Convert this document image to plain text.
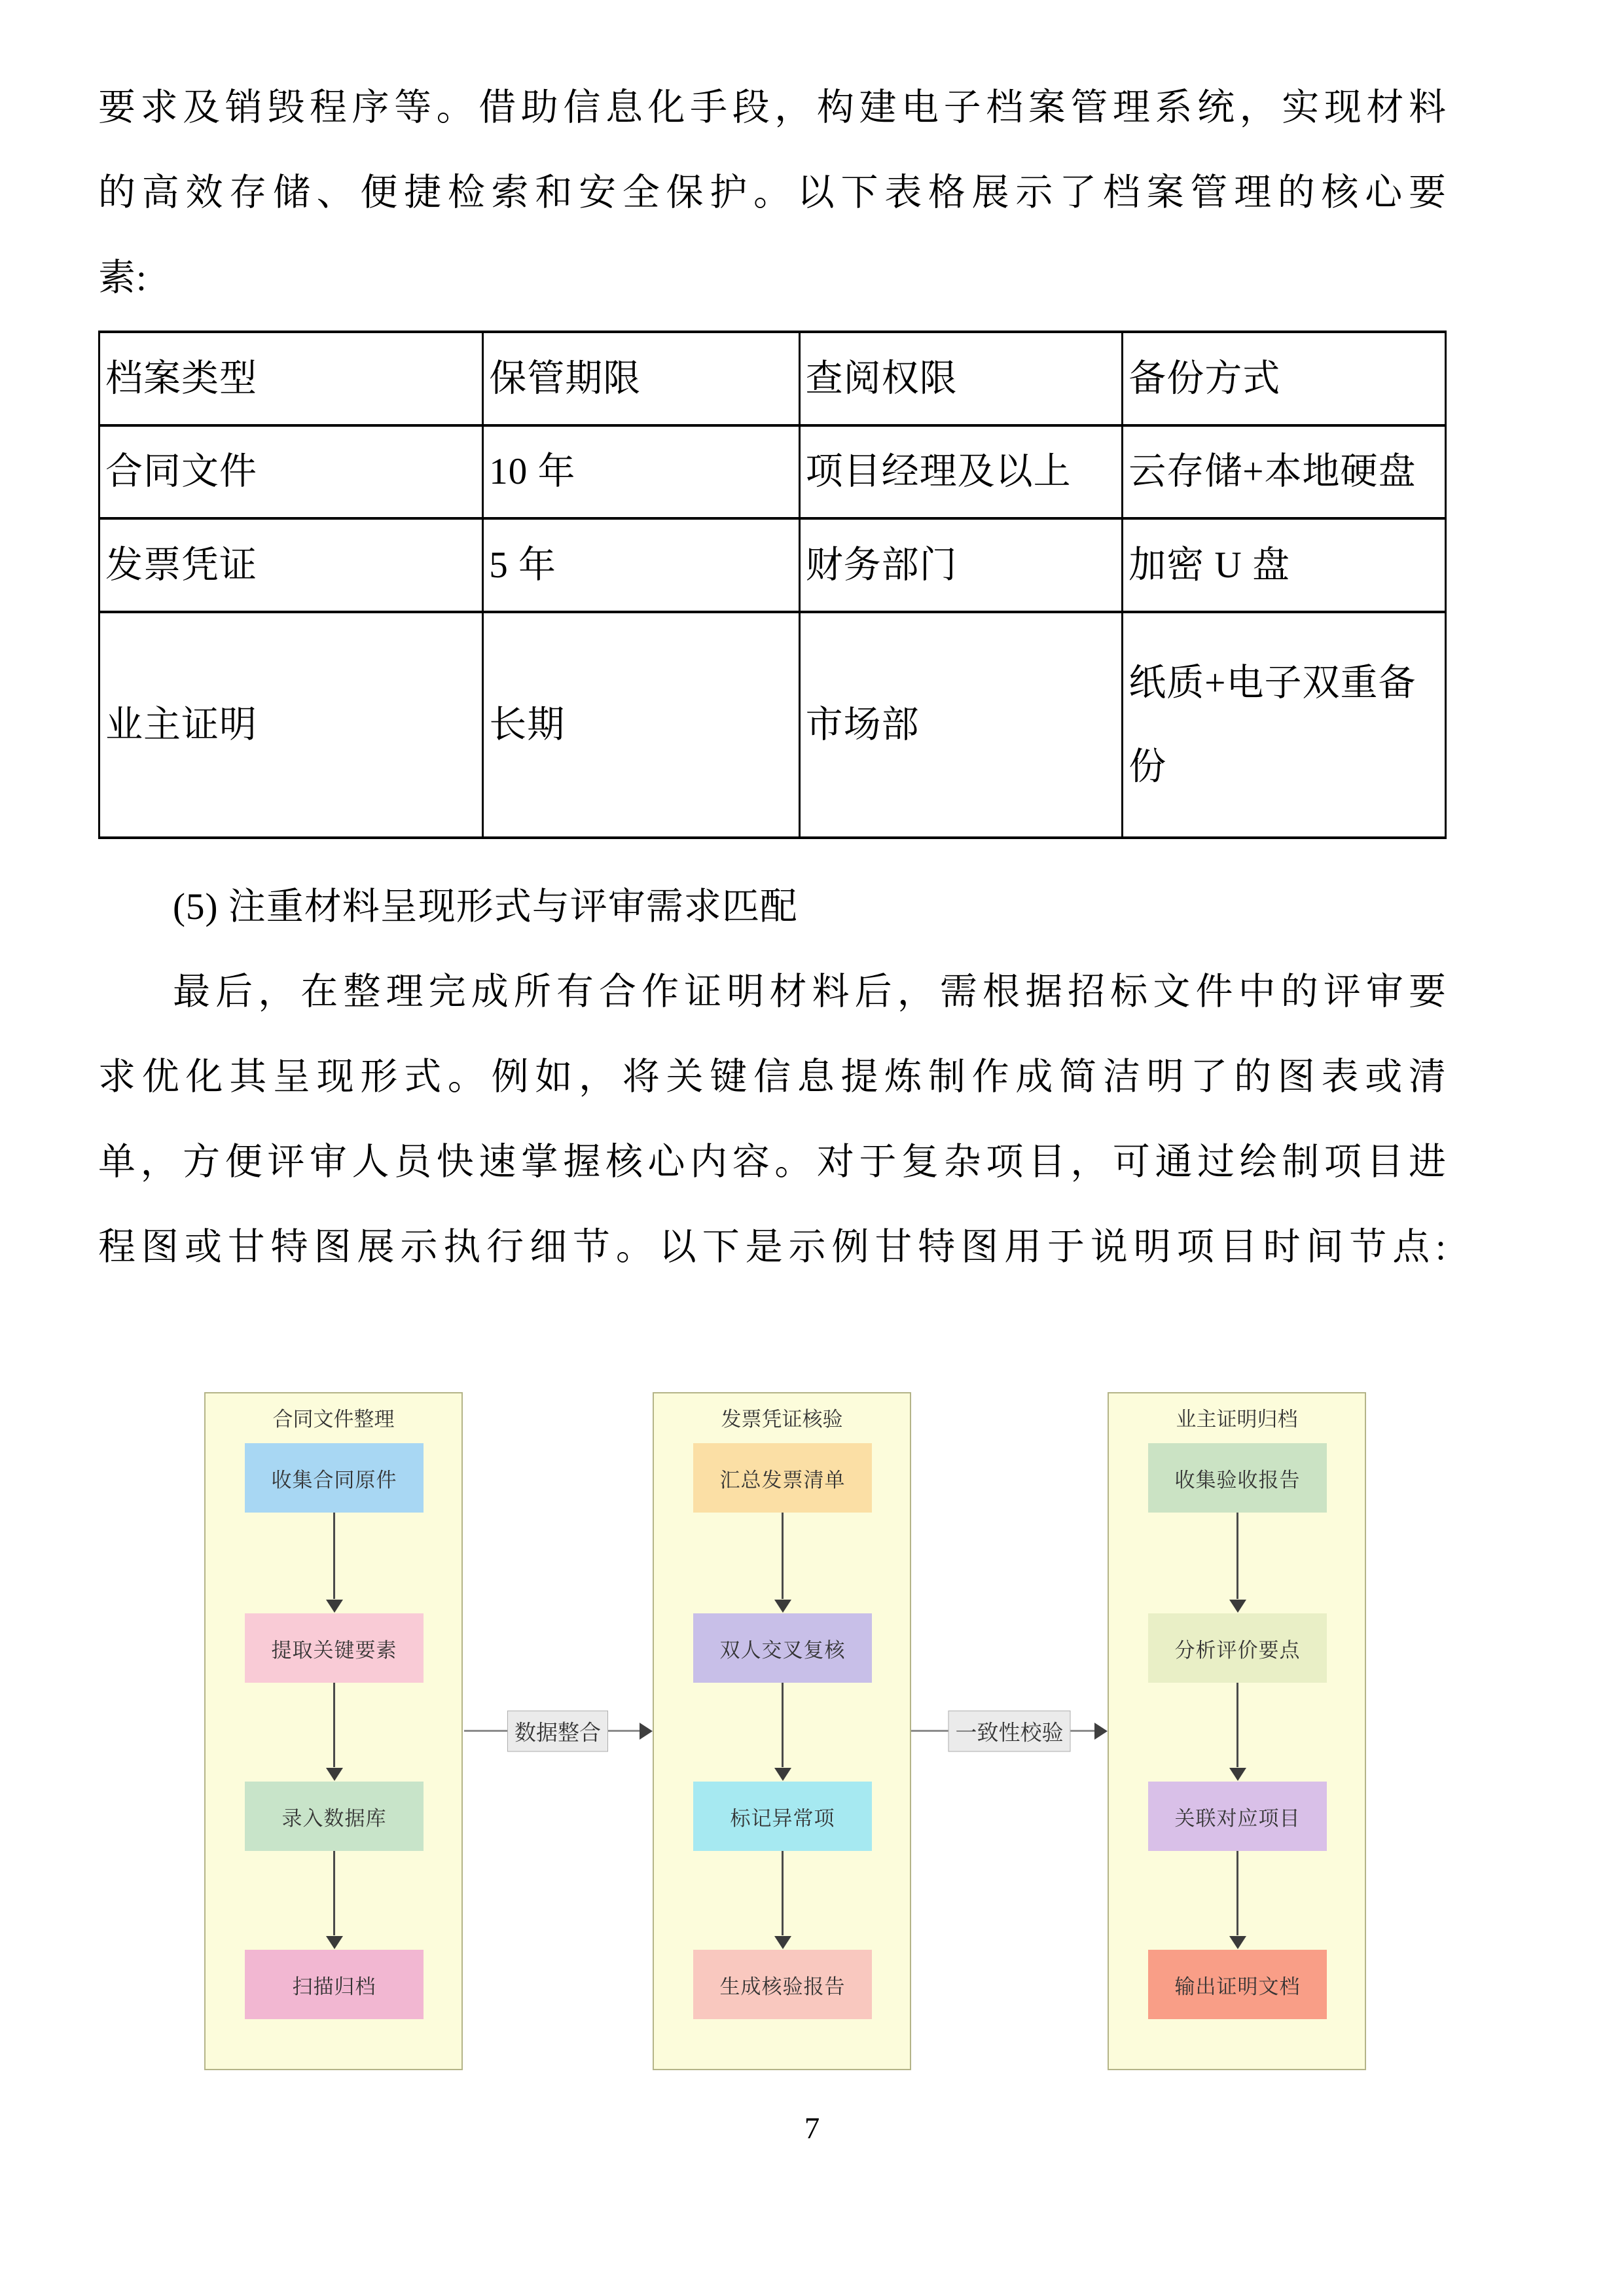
要求及销毁程序等。借助信息化手段，构建电子档案管理系统，实现材料
的高效存储、便捷检索和安全保护。以下表格展示了档案管理的核心要
素:
档案类型	保管期限	查阅权限	备份方式
合同文件	10 年	项目经理及以上	云存储+本地硬盘
发票凭证	5 年	财务部门	加密 U 盘
业主证明	长期	市场部	纸质+电子双重备份
(5) 注重材料呈现形式与评审需求匹配
最后，在整理完成所有合作证明材料后，需根据招标文件中的评审要
求优化其呈现形式。例如，将关键信息提炼制作成简洁明了的图表或清
单，方便评审人员快速掌握核心内容。对于复杂项目，可通过绘制项目进
程图或甘特图展示执行细节。以下是示例甘特图用于说明项目时间节点:
合同文件整理
收集合同原件
提取关键要素
录入数据库
扫描归档
发票凭证核验
汇总发票清单
双人交叉复核
标记异常项
生成核验报告
业主证明归档
收集验收报告
分析评价要点
关联对应项目
输出证明文档
数据整合	一致性校验
7
